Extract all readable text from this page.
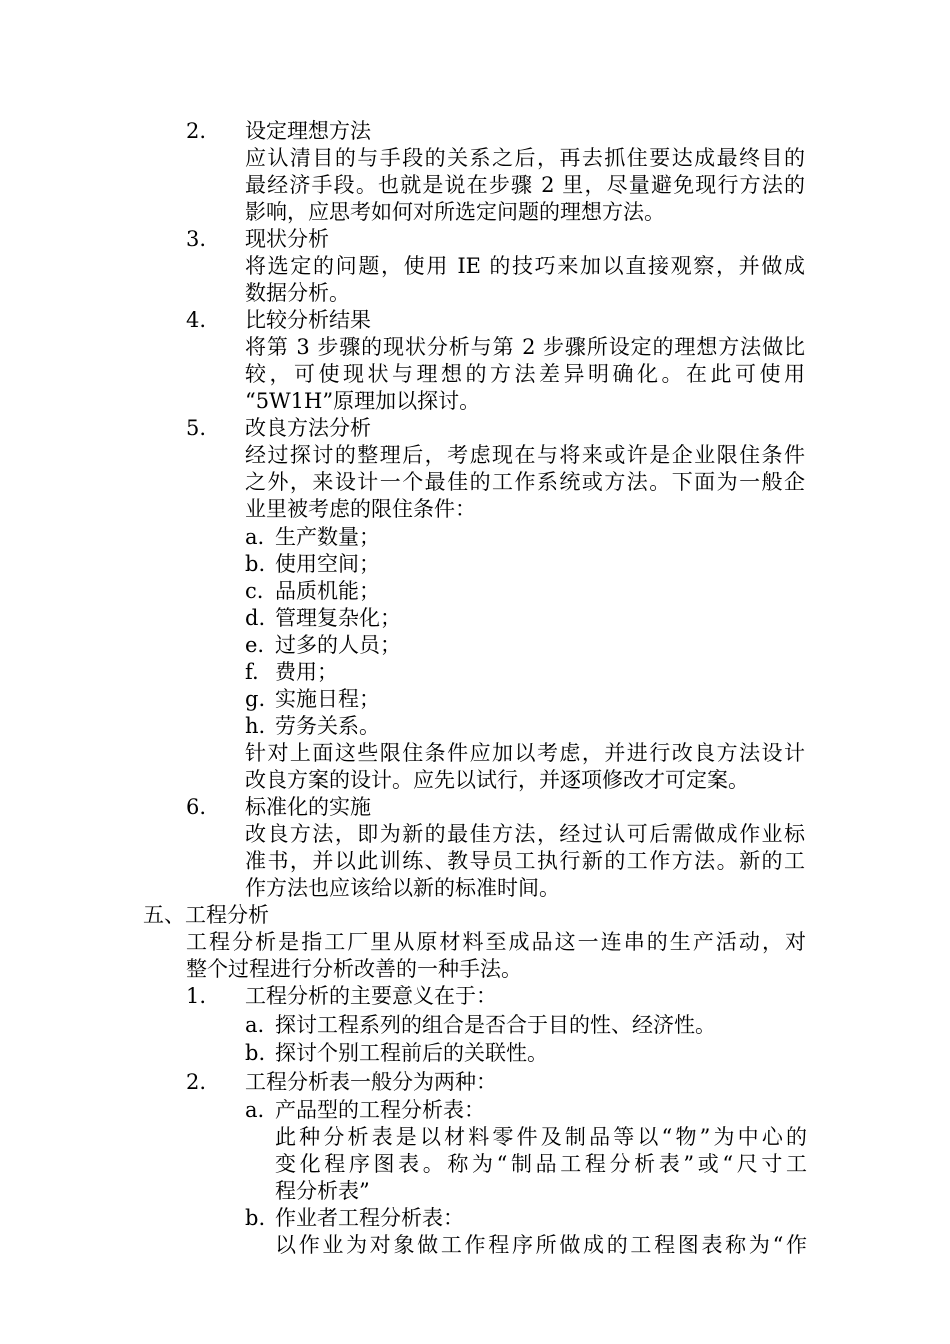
2. 设定理想方法
应认清目的与手段的关系之后，再去抓住要达成最终目的
最经济手段。也就是说在步骤 2 里，尽量避免现行方法的
影响，应思考如何对所选定问题的理想方法。
3. 现状分析
将选定的问题，使用 IE 的技巧来加以直接观察，并做成
数据分析。
4. 比较分析结果
将第 3 步骤的现状分析与第 2 步骤所设定的理想方法做比
较，可使现状与理想的方法差异明确化。在此可使用
“5W1H”原理加以探讨。
5. 改良方法分析
经过探讨的整理后，考虑现在与将来或许是企业限住条件
之外，来设计一个最佳的工作系统或方法。下面为一般企
业里被考虑的限住条件：
a. 生产数量；
b. 使用空间；
c. 品质机能；
d. 管理复杂化；
e. 过多的人员；
f. 费用；
g. 实施日程；
h. 劳务关系。
针对上面这些限住条件应加以考虑，并进行改良方法设计
改良方案的设计。应先以试行，并逐项修改才可定案。
6. 标准化的实施
改良方法，即为新的最佳方法，经过认可后需做成作业标
准书，并以此训练、教导员工执行新的工作方法。新的工
作方法也应该给以新的标准时间。
五、工程分析
工程分析是指工厂里从原材料至成品这一连串的生产活动，对
整个过程进行分析改善的一种手法。
1. 工程分析的主要意义在于：
a. 探讨工程系列的组合是否合于目的性、经济性。
b. 探讨个别工程前后的关联性。
2. 工程分析表一般分为两种：
a. 产品型的工程分析表：
此种分析表是以材料零件及制品等以“物”为中心的
变化程序图表。称为“制品工程分析表”或“尺寸工
程分析表”
b. 作业者工程分析表：
以作业为对象做工作程序所做成的工程图表称为“作
